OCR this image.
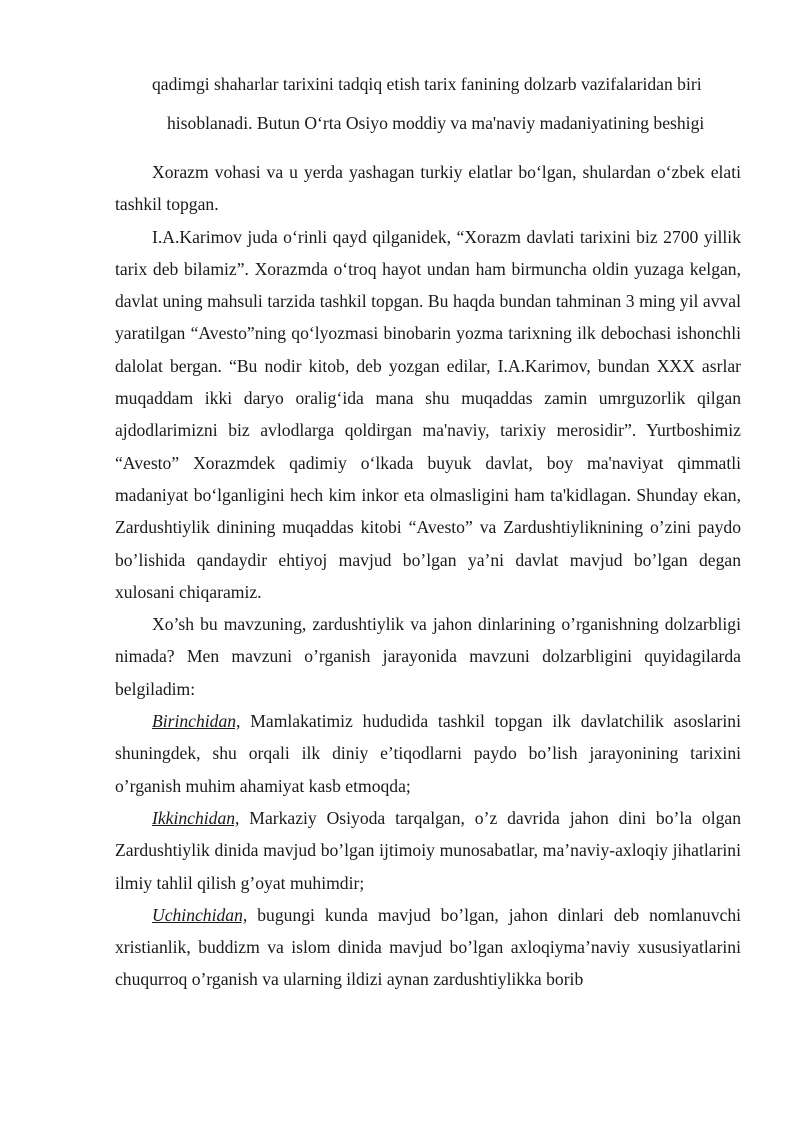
qadimgi shaharlar tarixini tadqiq etish tarix fanining dolzarb vazifalaridan biri
hisoblanadi. Butun O‘rta Osiyo moddiy va ma'naviy madaniyatining beshigi

Xorazm vohasi va u yerda yashagan turkiy elatlar bo‘lgan, shulardan o‘zbek elati tashkil topgan.

I.A.Karimov juda o‘rinli qayd qilganidek, “Xorazm davlati tarixini biz 2700 yillik tarix deb bilamiz”. Xorazmda o‘troq hayot undan ham birmuncha oldin yuzaga kelgan, davlat uning mahsuli tarzida tashkil topgan. Bu haqda bundan tahminan 3 ming yil avval yaratilgan “Avesto”ning qo‘lyozmasi binobarin yozma tarixning ilk debochasi ishonchli dalolat bergan. “Bu nodir kitob, deb yozgan edilar, I.A.Karimov, bundan XXX asrlar muqaddam ikki daryo oralig‘ida mana shu muqaddas zamin umrguzorlik qilgan ajdodlarimizni biz avlodlarga qoldirgan ma'naviy, tarixiy merosidir”. Yurtboshimiz “Avesto” Xorazmdek qadimiy o‘lkada buyuk davlat, boy ma'naviyat qimmatli madaniyat bo‘lganligini hech kim inkor eta olmasligini ham ta'kidlagan. Shunday ekan, Zardushtiylik dinining muqaddas kitobi “Avesto” va Zardushtiyliknining o’zini paydo bo’lishida qandaydir ehtiyoj mavjud bo’lgan ya’ni davlat mavjud bo’lgan degan xulosani chiqaramiz.

Xo’sh bu mavzuning, zardushtiylik va jahon dinlarining o’rganishning dolzarbligi nimada? Men mavzuni o’rganish jarayonida mavzuni dolzarbligini quyidagilarda belgiladim:

Birinchidan, Mamlakatimiz hududida tashkil topgan ilk davlatchilik asoslarini shuningdek, shu orqali ilk diniy e’tiqodlarni paydo bo’lish jarayonining tarixini o’rganish muhim ahamiyat kasb etmoqda;

Ikkinchidan, Markaziy Osiyoda tarqalgan, o’z davrida jahon dini bo’la olgan Zardushtiylik dinida mavjud bo’lgan ijtimoiy munosabatlar, ma’naviy-axloqiy jihatlarini ilmiy tahlil qilish g’oyat muhimdir;

Uchinchidan, bugungi kunda mavjud bo’lgan, jahon dinlari deb nomlanuvchi xristianlik, buddizm va islom dinida mavjud bo’lgan axloqiyma’naviy xususiyatlarini chuqurroq o’rganish va ularning ildizi aynan zardushtiylikka borib
